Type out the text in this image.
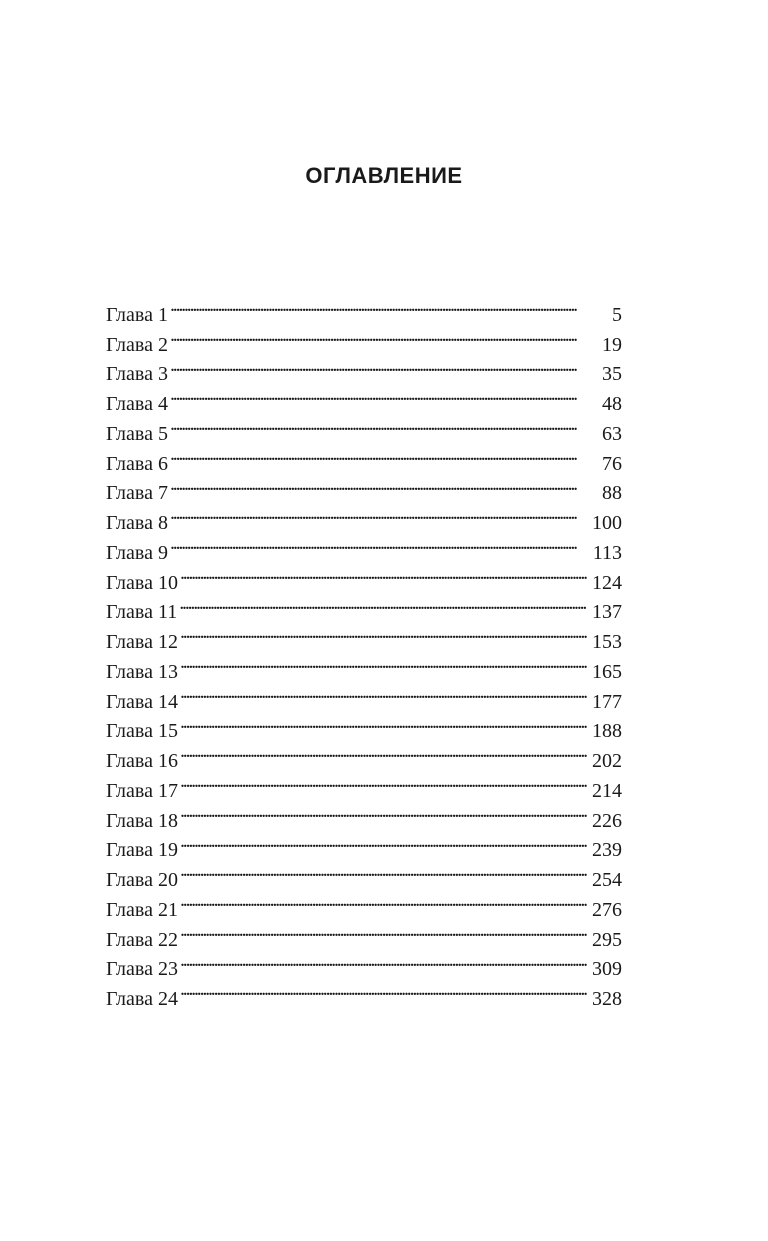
ОГЛАВЛЕНИЕ
Глава 1 . . .	5
Глава 2 . . .	19
Глава 3 . . .	35
Глава 4 . . .	48
Глава 5 . . .	63
Глава 6 . . .	76
Глава 7 . . .	88
Глава 8 . . .	100
Глава 9 . . .	113
Глава 10 . . .	124
Глава 11 . . .	137
Глава 12 . . .	153
Глава 13 . . .	165
Глава 14 . . .	177
Глава 15 . . .	188
Глава 16 . . .	202
Глава 17 . . .	214
Глава 18 . . .	226
Глава 19 . . .	239
Глава 20 . . .	254
Глава 21 . . .	276
Глава 22 . . .	295
Глава 23 . . .	309
Глава 24 . . .	328
